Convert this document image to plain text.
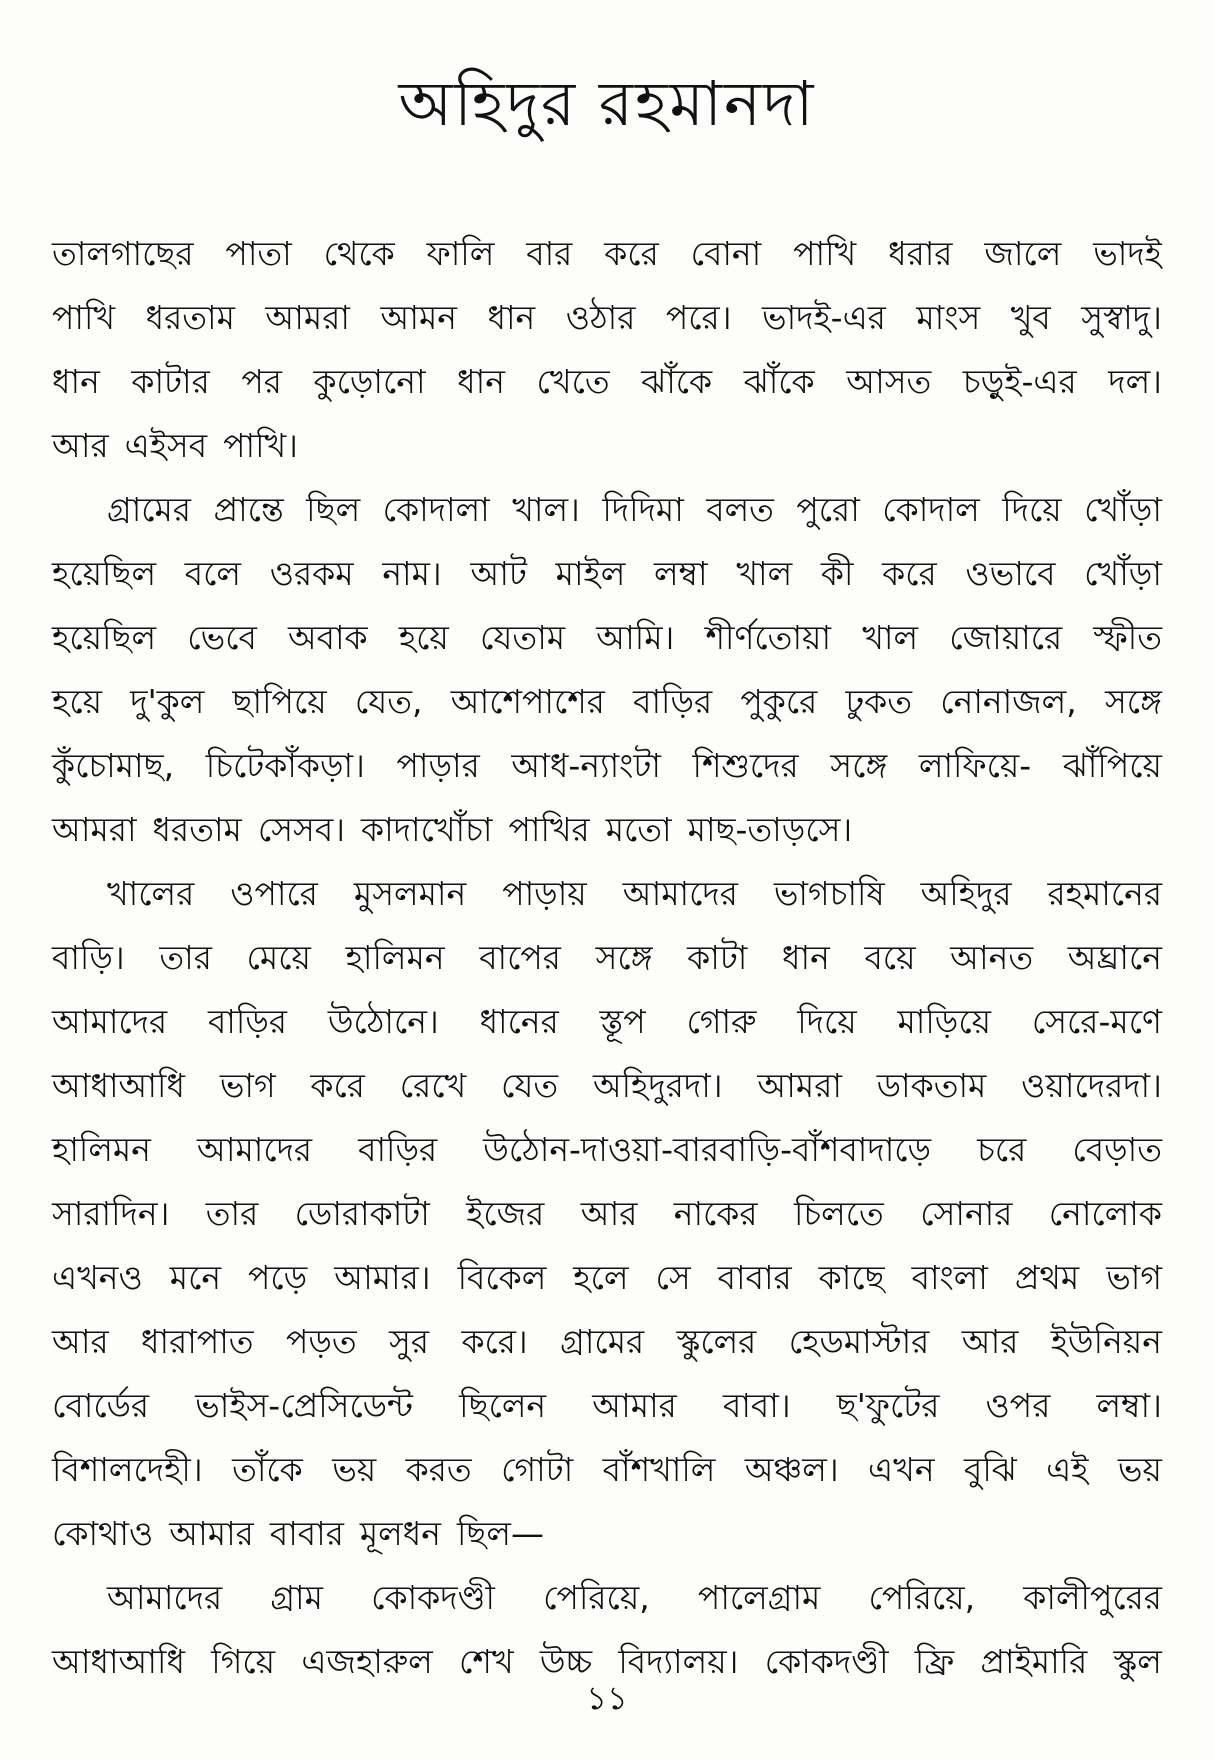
অহিদুর রহমানদা
তালগাছের পাতা থেকে ফালি বার করে বোনা পাখি ধরার জালে ভাদই
পাখি ধরতাম আমরা আমন ধান ওঠার পরে। ভাদই-এর মাংস খুব সুস্বাদু।
ধান কাটার পর কুড়োনো ধান খেতে ঝাঁকে ঝাঁকে আসত চড়ুই-এর দল।
আর এইসব পাখি।
গ্রামের প্রান্তে ছিল কোদালা খাল। দিদিমা বলত পুরো কোদাল দিয়ে খোঁড়া
হয়েছিল বলে ওরকম নাম। আট মাইল লম্বা খাল কী করে ওভাবে খোঁড়া
হয়েছিল ভেবে অবাক হয়ে যেতাম আমি। শীর্ণতোয়া খাল জোয়ারে স্ফীত
হয়ে দু'কুল ছাপিয়ে যেত, আশেপাশের বাড়ির পুকুরে ঢুকত নোনাজল, সঙ্গে
কুঁচোমাছ, চিটেকাঁকড়া। পাড়ার আধ-ন্যাংটা শিশুদের সঙ্গে লাফিয়ে- ঝাঁপিয়ে
আমরা ধরতাম সেসব। কাদাখোঁচা পাখির মতো মাছ-তাড়সে।
খালের ওপারে মুসলমান পাড়ায় আমাদের ভাগচাষি অহিদুর রহমানের
বাড়ি। তার মেয়ে হালিমন বাপের সঙ্গে কাটা ধান বয়ে আনত অঘ্রানে
আমাদের বাড়ির উঠোনে। ধানের স্তূপ গোরু দিয়ে মাড়িয়ে সেরে-মণে
আধাআধি ভাগ করে রেখে যেত অহিদুরদা। আমরা ডাকতাম ওয়াদেরদা।
হালিমন আমাদের বাড়ির উঠোন-দাওয়া-বারবাড়ি-বাঁশবাদাড়ে চরে বেড়াত
সারাদিন। তার ডোরাকাটা ইজের আর নাকের চিলতে সোনার নোলোক
এখনও মনে পড়ে আমার। বিকেল হলে সে বাবার কাছে বাংলা প্রথম ভাগ
আর ধারাপাত পড়ত সুর করে। গ্রামের স্কুলের হেডমাস্টার আর ইউনিয়ন
বোর্ডের ভাইস-প্রেসিডেন্ট ছিলেন আমার বাবা। ছ'ফুটের ওপর লম্বা।
বিশালদেহী। তাঁকে ভয় করত গোটা বাঁশখালি অঞ্চল। এখন বুঝি এই ভয়
কোথাও আমার বাবার মূলধন ছিল—
আমাদের গ্রাম কোকদণ্ডী পেরিয়ে, পালেগ্রাম পেরিয়ে, কালীপুরের
আধাআধি গিয়ে এজহারুল শেখ উচ্চ বিদ্যালয়। কোকদণ্ডী ফ্রি প্রাইমারি স্কুল
১১
